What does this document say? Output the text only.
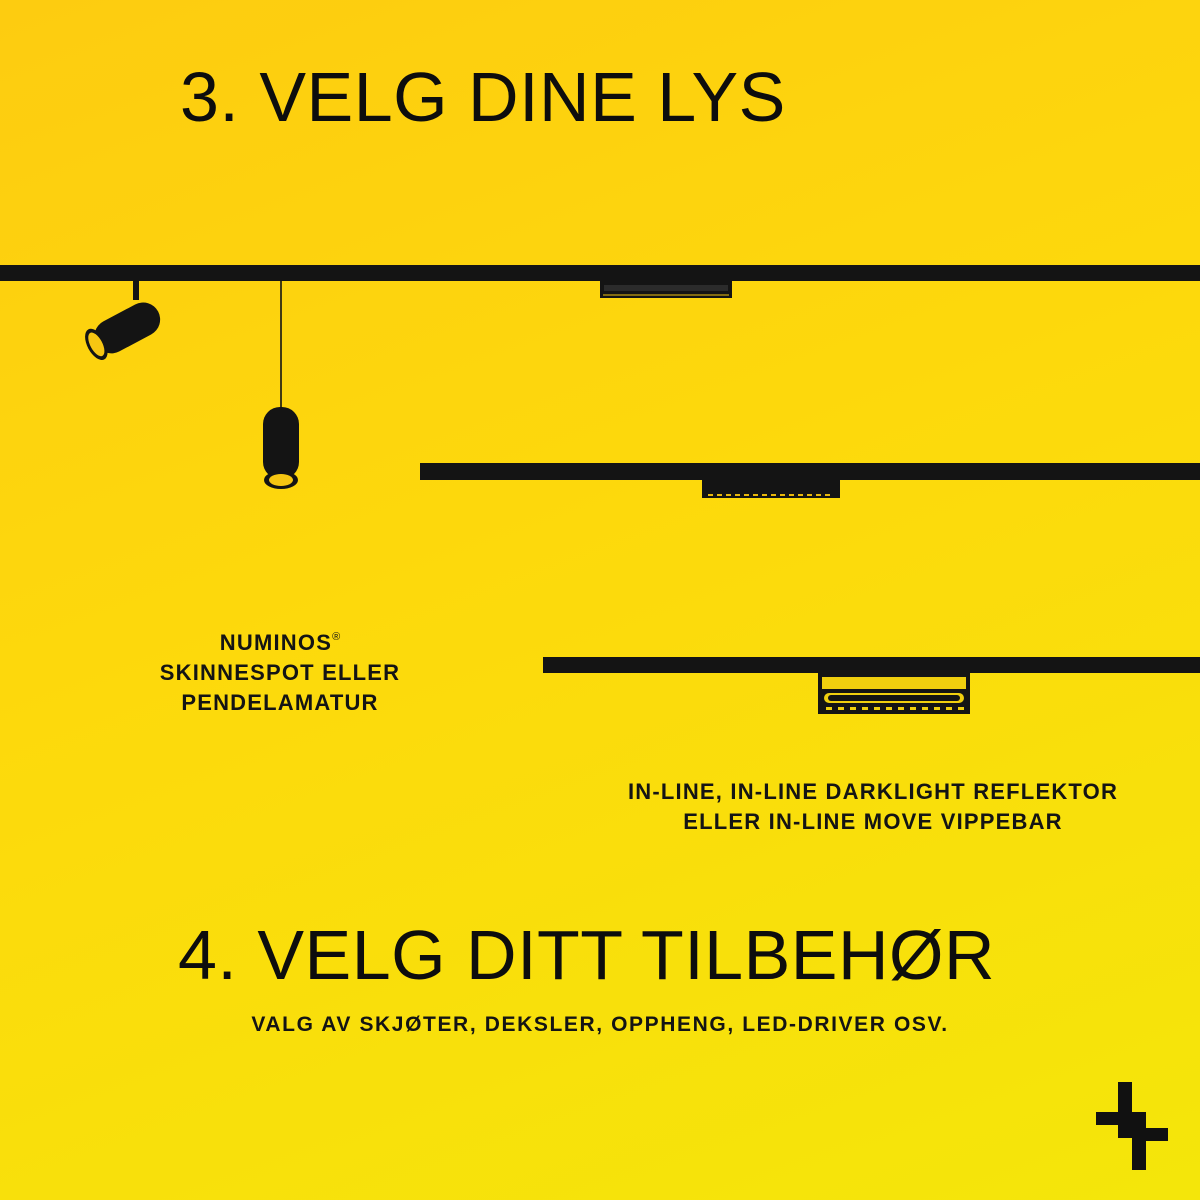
3. VELG DINE LYS
NUMINOS®
SKINNESPOT ELLER
PENDELAMATUR
IN-LINE, IN-LINE DARKLIGHT REFLEKTOR
ELLER IN-LINE MOVE VIPPEBAR
4. VELG DITT TILBEHØR
VALG AV SKJØTER, DEKSLER, OPPHENG, LED-DRIVER OSV.
